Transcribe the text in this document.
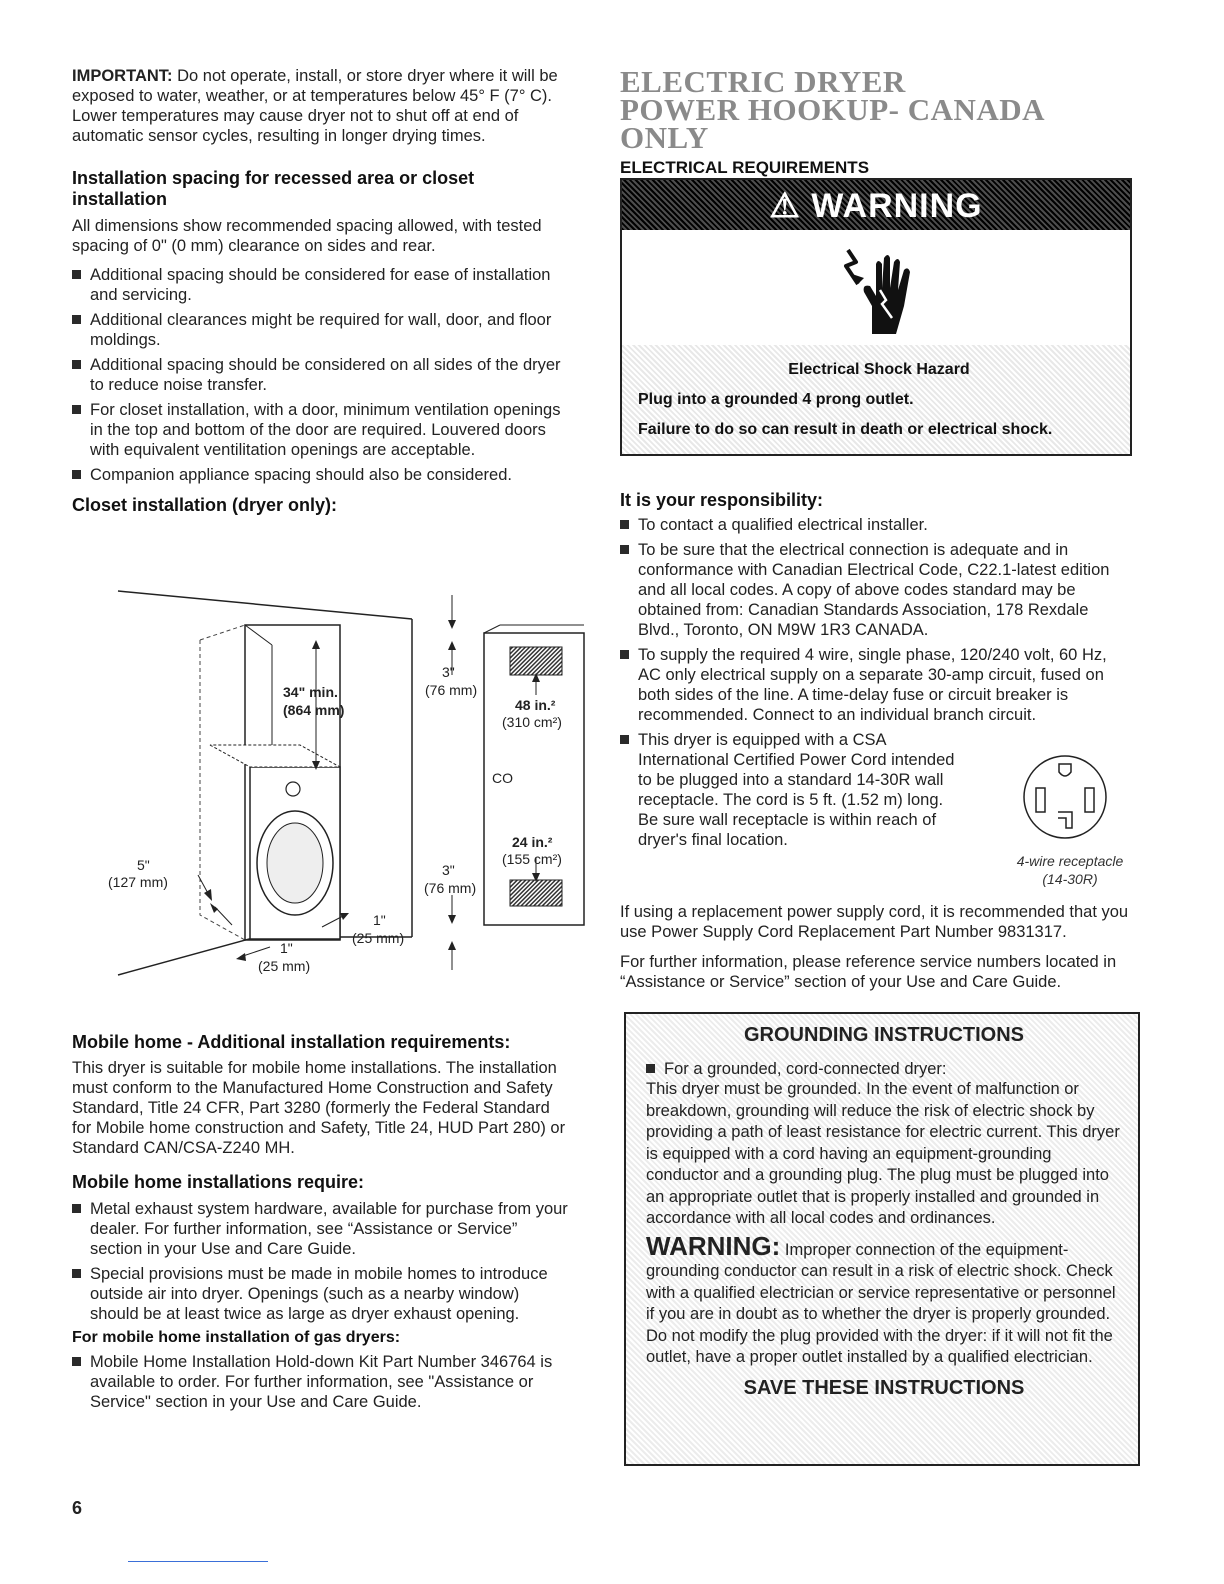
IMPORTANT: Do not operate, install, or store dryer where it will be exposed to water, weather, or at temperatures below 45° F (7° C). Lower temperatures may cause dryer not to shut off at end of automatic sensor cycles, resulting in longer drying times.

Installation spacing for recessed area or closet installation

All dimensions show recommended spacing allowed, with tested spacing of 0" (0 mm) clearance on sides and rear.

Additional spacing should be considered for ease of installation and servicing.
Additional clearances might be required for wall, door, and floor moldings.
Additional spacing should be considered on all sides of the dryer to reduce noise transfer.
For closet installation, with a door, minimum ventilation openings in the top and bottom of the door are required. Louvered doors with equivalent ventilitation openings are acceptable.
Companion appliance spacing should also be considered.
Closet installation (dryer only):
CO
34" min.
(864 mm)
3"
(76 mm)
48 in.²
(310 cm²)
24 in.²
(155 cm²)
3"
(76 mm)
5"
(127 mm)
1"
(25 mm)
1"
(25 mm)
Mobile home - Additional installation requirements:

This dryer is suitable for mobile home installations. The installation must conform to the Manufactured Home Construction and Safety Standard, Title 24 CFR, Part 3280 (formerly the Federal Standard for Mobile home construction and Safety, Title 24, HUD Part 280) or Standard CAN/CSA-Z240 MH.

Mobile home installations require:
Metal exhaust system hardware, available for purchase from your dealer. For further information, see “Assistance or Service” section in your Use and Care Guide.
Special provisions must be made in mobile homes to introduce outside air into dryer. Openings (such as a nearby window) should be at least twice as large as dryer exhaust opening.
For mobile home installation of gas dryers:
Mobile Home Installation Hold-down Kit Part Number 346764 is available to order. For further information, see "Assistance or Service" section in your Use and Care Guide.
ELECTRIC DRYER
POWER HOOKUP- CANADA ONLY
ELECTRICAL REQUIREMENTS
⚠ WARNING

Electrical Shock Hazard

Plug into a grounded 4 prong outlet.

Failure to do so can result in death or electrical shock.

It is your responsibility:
To contact a qualified electrical installer.
To be sure that the electrical connection is adequate and in conformance with Canadian Electrical Code, C22.1-latest edition and all local codes. A copy of above codes standard may be obtained from: Canadian Standards Association, 178 Rexdale Blvd., Toronto, ON M9W 1R3 CANADA.
To supply the required 4 wire, single phase, 120/240 volt, 60 Hz, AC only electrical supply on a separate 30-amp circuit, fused on both sides of the line. A time-delay fuse or circuit breaker is recommended. Connect to an individual branch circuit.
This dryer is equipped with a CSA International Certified Power Cord intended to be plugged into a standard 14-30R wall receptacle. The cord is 5 ft. (1.52 m) long. Be sure wall receptacle is within reach of dryer's final location.
4-wire receptacle
(14-30R)

If using a replacement power supply cord, it is recommended that you use Power Supply Cord Replacement Part Number 9831317.

For further information, please reference service numbers located in “Assistance or Service” section of your Use and Care Guide.

GROUNDING INSTRUCTIONS
For a grounded, cord-connected dryer:

This dryer must be grounded. In the event of malfunction or breakdown, grounding will reduce the risk of electric shock by providing a path of least resistance for electric current. This dryer is equipped with a cord having an equipment-grounding conductor and a grounding plug. The plug must be plugged into an appropriate outlet that is properly installed and grounded in accordance with all local codes and ordinances.

WARNING: Improper connection of the equipment-grounding conductor can result in a risk of electric shock. Check with a qualified electrician or service representative or personnel if you are in doubt as to whether the dryer is properly grounded. Do not modify the plug provided with the dryer: if it will not fit the outlet, have a proper outlet installed by a qualified electrician.

SAVE THESE INSTRUCTIONS
6
